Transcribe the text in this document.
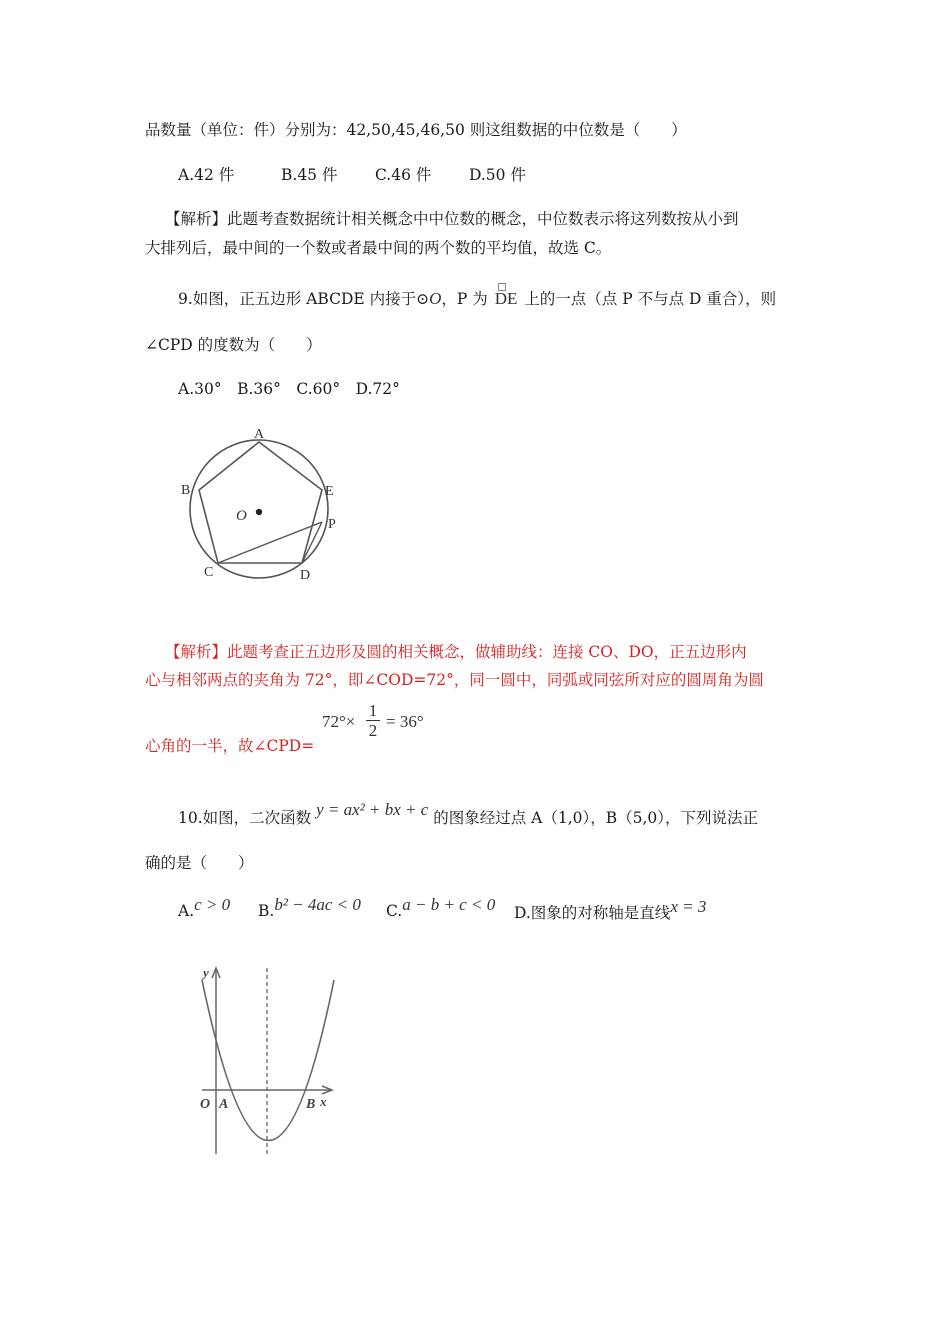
品数量（单位：件）分别为：42,50,45,46,50 则这组数据的中位数是（　　）
A.42 件	B.45 件 C.46 件 D.50 件
【解析】此题考查数据统计相关概念中中位数的概念，中位数表示将这列数按从小到
大排列后，最中间的一个数或者最中间的两个数的平均值，故选 C。
9.如图，正五边形 ABCDE 内接于⊙O，P 为 DE 上的一点（点 P 不与点 D 重合），则
∠CPD 的度数为（　　）
A.30°　B.36°　C.60°　D.72°
A
B	E
O
P
C	D
【解析】此题考查正五边形及圆的相关概念，做辅助线：连接 CO、DO，正五边形内
心与相邻两点的夹角为 72°，即∠COD=72°，同一圆中，同弧或同弦所对应的圆周角为圆
心角的一半，故∠CPD=
72°×
1
2 = 36°
10.如图，二次函数 y = ax² + bx + c 的图象经过点 A（1,0），B（5,0），下列说法正
确的是（　　）
A.c > 0 B.b² − 4ac < 0 C.a − b + c < 0 D.图象的对称轴是直线x = 3
y
x
O A	B
